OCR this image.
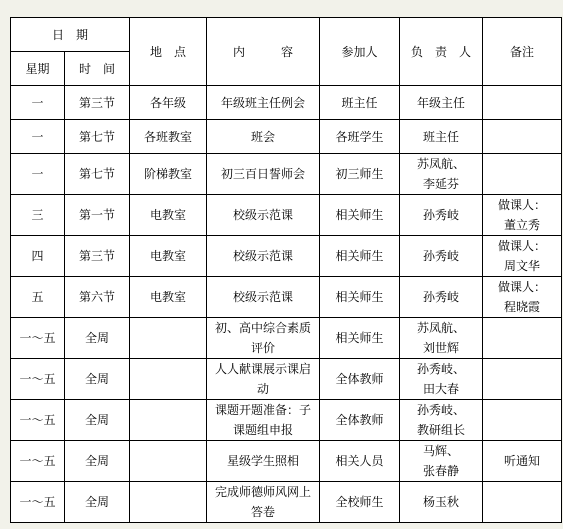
日　期		地　点	内　　　容	参加人	负　责　人	备注
星期	时　间					

一	第三节	各年级	年级班主任例会	班主任	年级主任	

一	第七节	各班教室	班会	各班学生	班主任	

一	第七节	阶梯教室	初三百日誓师会	初三师生	苏凤航、
李延芬	

三	第一节	电教室	校级示范课	相关师生	孙秀岐	做课人：
董立秀

四	第三节	电教室	校级示范课	相关师生	孙秀岐	做课人：
周文华

五	第六节	电教室	校级示范课	相关师生	孙秀岐	做课人：
程晓霞

一～五	全周		初、高中综合素质
评价	相关师生	苏凤航、
刘世辉	

一～五	全周		人人献课展示课启
动	全体教师	孙秀岐、
田大春	

一～五	全周		课题开题准备：子
课题组申报	全体教师	孙秀岐、
教研组长	

一～五	全周		星级学生照相	相关人员	马辉、
张春静	听通知

一～五	全周		完成师德师风网上
答卷	全校师生	杨玉秋	
